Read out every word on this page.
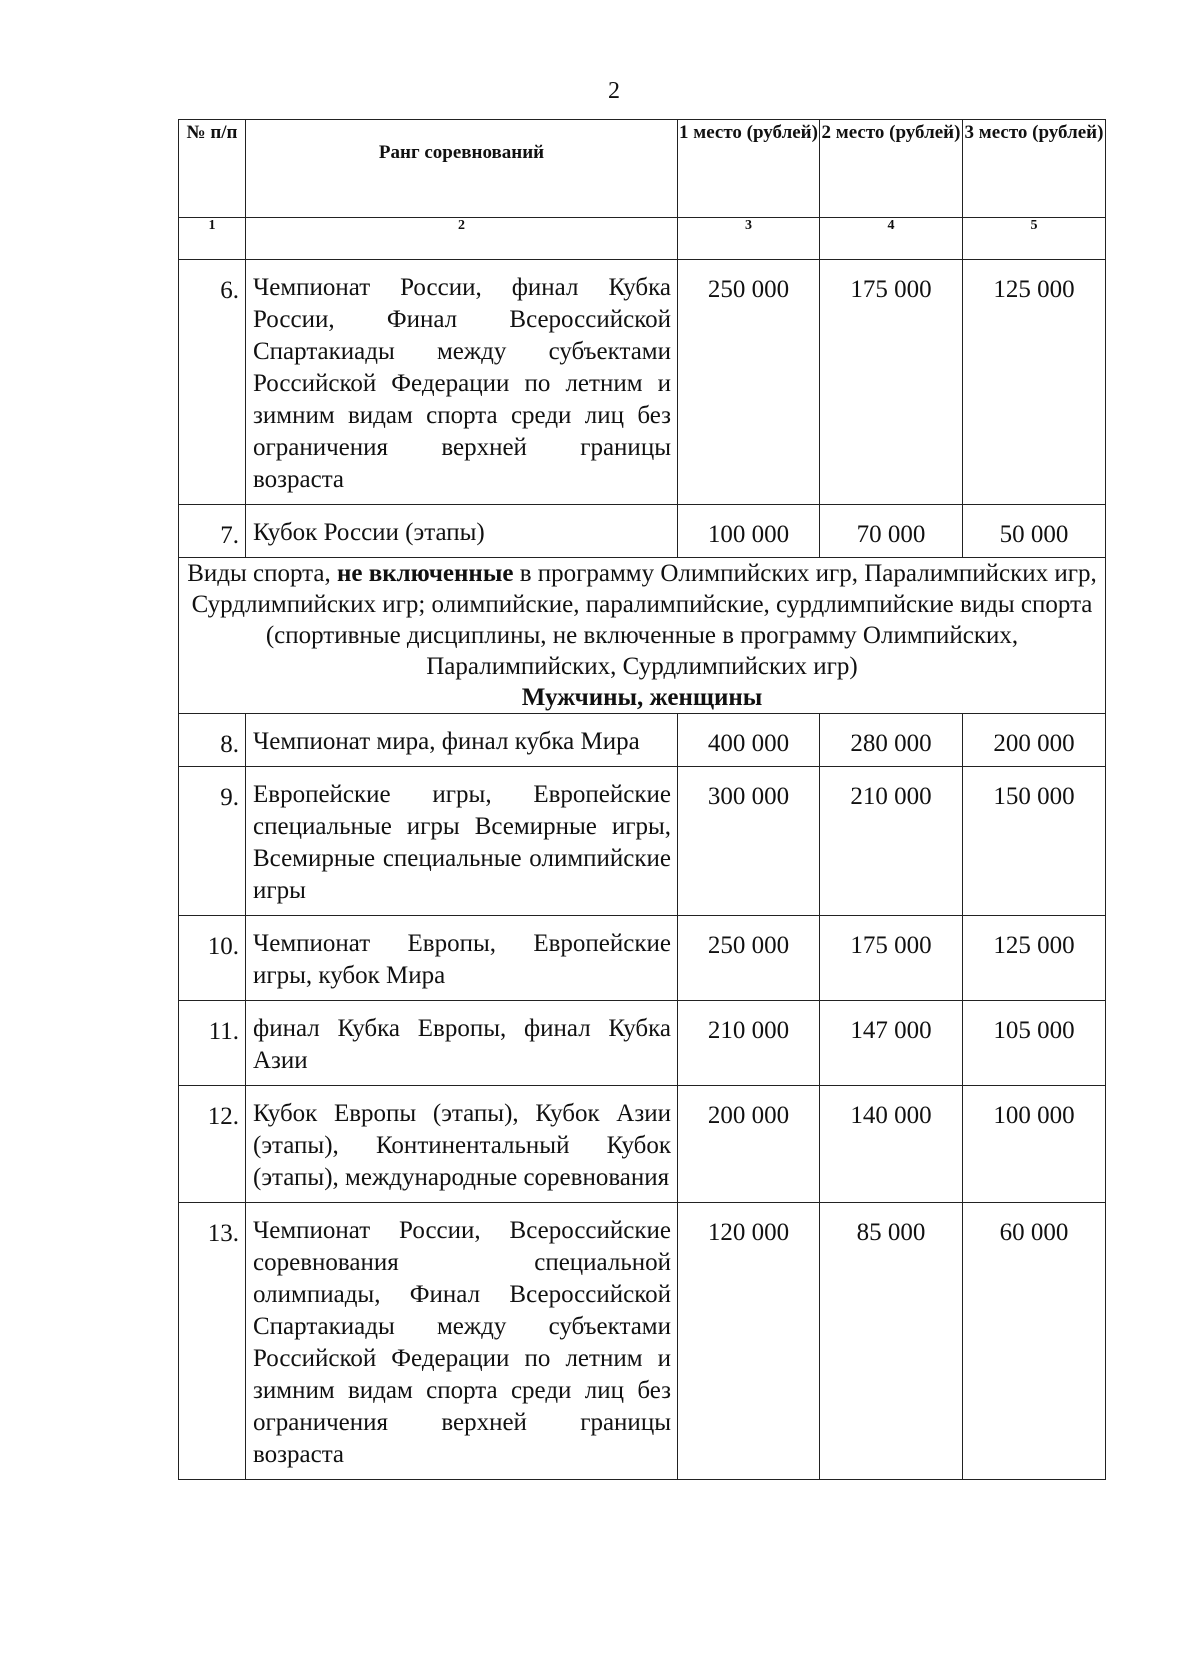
2
№ п/п	Ранг соревнований	1 место (рублей)	2 место (рублей)	3 место (рублей)
1	2	3	4	5
6.	Чемпионат России, финал Кубка России, Финал Всероссийской Спартакиады между субъектами Российской Федерации по летним и зимним видам спорта среди лиц без ограничения верхней границы возраста	250 000	175 000	125 000
7.	Кубок России (этапы)	100 000	70 000	50 000
Виды спорта, не включенные в программу Олимпийских игр, Паралимпийских игр, Сурдлимпийских игр; олимпийские, паралимпийские, сурдлимпийские виды спорта (спортивные дисциплины, не включенные в программу Олимпийских, Паралимпийских, Сурдлимпийских игр)
Мужчины, женщины				

8.	Чемпионат мира, финал кубка Мира	400 000	280 000	200 000
9.	Европейские игры, Европейские специальные игры Всемирные игры, Всемирные специальные олимпийские игры	300 000	210 000	150 000
10.	Чемпионат Европы, Европейские игры, кубок Мира	250 000	175 000	125 000
11.	финал Кубка Европы, финал Кубка Азии	210 000	147 000	105 000
12.	Кубок Европы (этапы), Кубок Азии (этапы), Континентальный Кубок (этапы), международные соревнования	200 000	140 000	100 000
13.	Чемпионат России, Всероссийские соревнования специальной олимпиады, Финал Всероссийской Спартакиады между субъектами Российской Федерации по летним и зимним видам спорта среди лиц без ограничения верхней границы возраста	120 000	85 000	60 000
